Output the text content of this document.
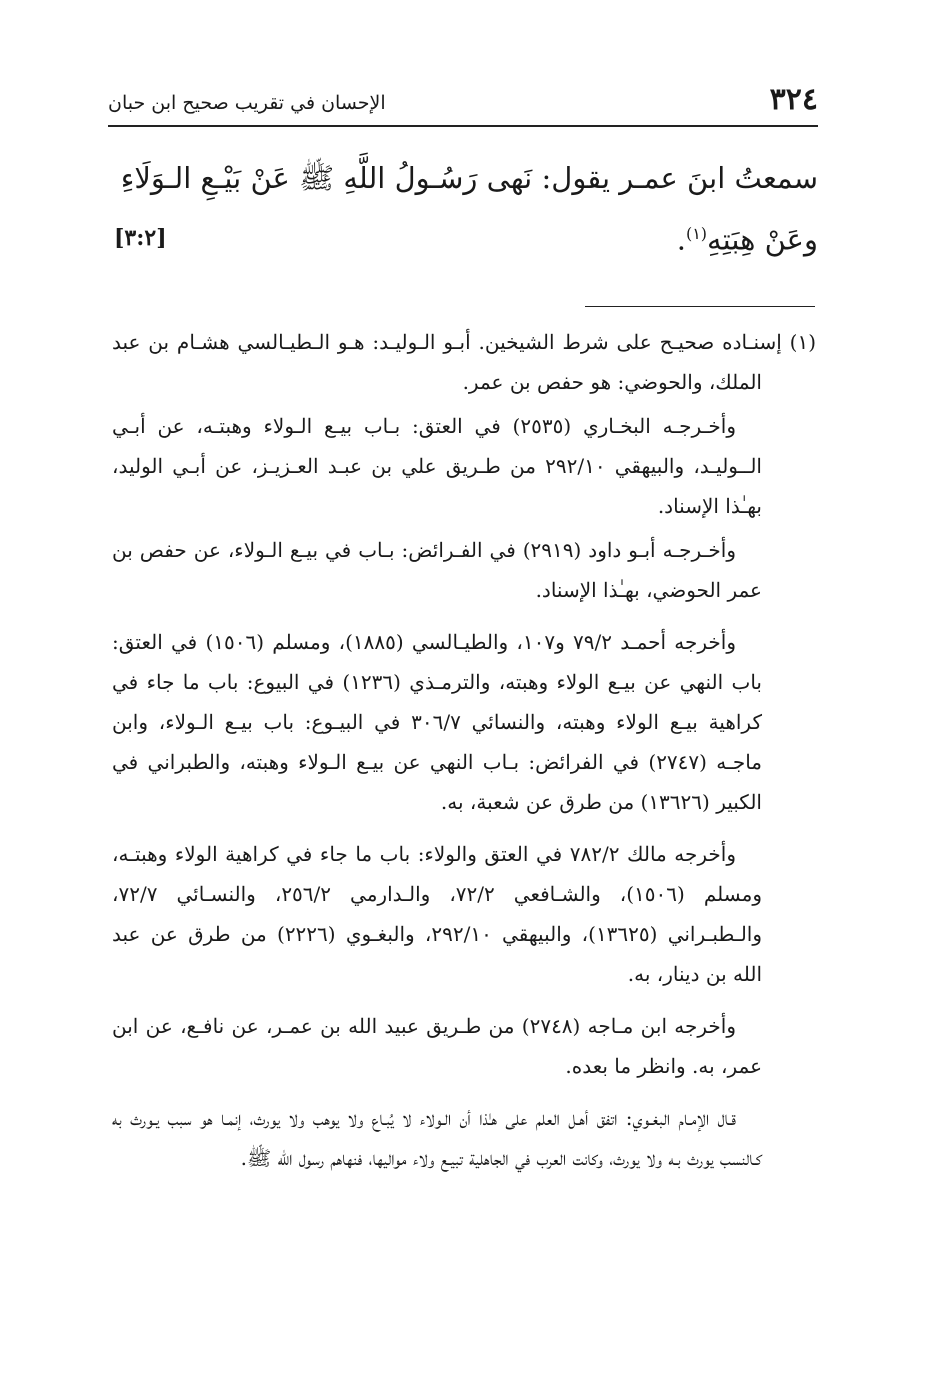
٣٢٤
الإحسان في تقريب صحيح ابن حبان
سمعتُ ابنَ عمـر يقول: نَهى رَسُـولُ اللَّهِ ﷺ عَنْ بَيْـعِ الـوَلَاءِ
وعَنْ هِبَتِهِ$^{(١)}$.
[٣:٢]

(١) إسنـاده صحيـح على شرط الشيخين. أبـو الـوليـد: هـو الـطيـالسي هشـام بن عبد الملك، والحوضي: هو حفص بن عمر.

وأخـرجـه البخـاري (٢٥٣٥) في العتق: بـاب بيـع الـولاء وهبتـه، عن أبـي الــوليـد، والبيهقي ٢٩٢/١٠ من طـريق علي بن عبـد العـزيـز، عن أبـي الوليد، بهـٰذا الإسناد.

وأخـرجـه أبـو داود (٢٩١٩) في الفـرائض: بـاب في بيـع الـولاء، عن حفص بن عمر الحوضي، بهـٰذا الإسناد.

وأخرجه أحمـد ٧٩/٢ و١٠٧، والطيـالسي (١٨٨٥)، ومسلم (١٥٠٦) في العتق: باب النهي عن بيـع الولاء وهبته، والترمـذي (١٢٣٦) في البيوع: باب ما جاء في كراهية بيـع الولاء وهبته، والنسائي ٣٠٦/٧ في البيـوع: باب بيـع الـولاء، وابن ماجـه (٢٧٤٧) في الفرائض: بـاب النهي عن بيـع الـولاء وهبته، والطبراني في الكبير (١٣٦٢٦) من طرق عن شعبة، به.

وأخرجه مالك ٧٨٢/٢ في العتق والولاء: باب ما جاء في كراهية الولاء وهبتـه، ومسلم (١٥٠٦)، والشـافعي ٧٢/٢، والـدارمي ٢٥٦/٢، والنسـائي ٧٢/٧، والـطبـراني (١٣٦٢٥)، والبيهقي ٢٩٢/١٠، والبغـوي (٢٢٢٦) من طرق عن عبد الله بن دينار، به.

وأخرجه ابن مـاجه (٢٧٤٨) من طـريق عبيد الله بن عمـر، عن نافـع، عن ابن عمر، به. وانظر ما بعده.

قـال الإمـام البغـوي: اتفق أهـل العلم على هـٰذا أن الـولاء لا يُبـاع ولا يوهب ولا يورث، إنمـا هو سبب يـورث به كـالنسب يورث بـه ولا يورث، وكانت العرب في الجاهلية تبيـع ولاء مواليها، فنهاهم رسول الله ﷺ.
